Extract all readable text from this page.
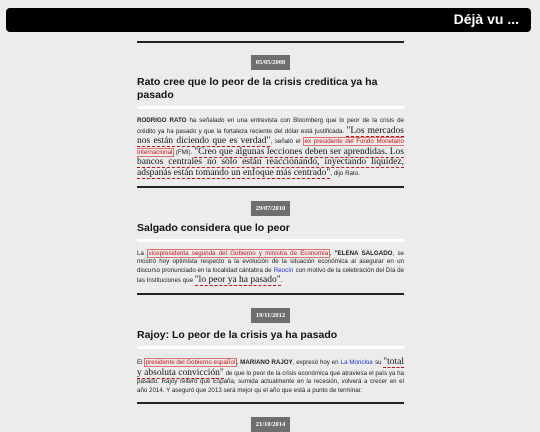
Déjà vu ...
05/05/2008
Rato cree que lo peor de la crisis creditica ya ha pasado

RODRIGO RATO ha señalado en una entrevista con Bloomberg que lo peor de la crisis de crédito ya ha pasado y que la fortaleza reciente del dólar está justificada. "Los mercados nos están diciendo que es verdad", señaló el ex presidente del Fondo Monetario Internacional (FMI). "Creo que algunas lecciones deben ser aprendidas. Los bancos centrales no sólo están reaccionando, inyectando liquidez, adspanás están tomando un enfoque más centrado", dijo Rato.

29/07/2010
Salgado considera que lo peor

La vicepresidenta segunda del Gobierno y ministra de Economía , "ELENA SALGADO, se mostró hoy optimista respecto a la evolución de la situación económica al asegurar en un discurso pronunciado en la localidad cántabra de Reocín con motivo de la celebración del Día de las Instituciones que "lo peor ya ha pasado".

19/11/2012
Rajoy: Lo peor de la crisis ya ha pasado

El presidente del Gobierno español , MARIANO RAJOY, expresó hoy en La Moncloa su "total y absoluta convicción" de que lo peor de la crisis económica que atraviesa el país ya ha pasado. Rajoy reiteró que España, sumida actualmente en la recesión, volverá a crecer en el año 2014. Y aseguró que 2013 será mejor qu el año que está a punto de terminar.

21/10/2014
